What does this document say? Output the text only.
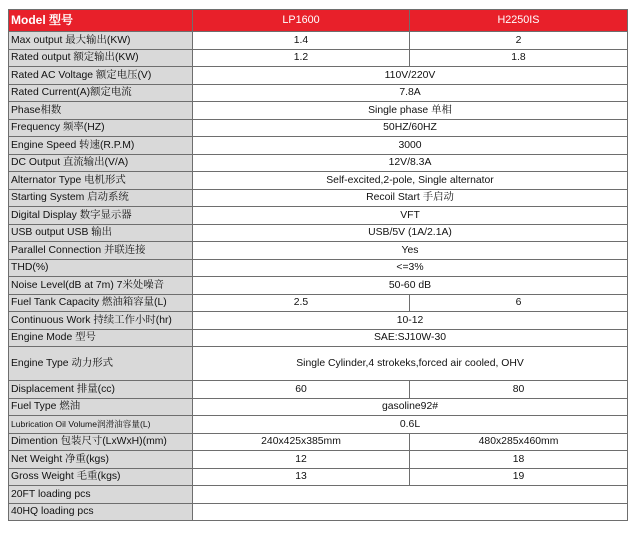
Model 型号	LP1600	H2250IS
Max output 最大输出(KW)	1.4	2
Rated output 额定输出(KW)	1.2	1.8
Rated AC Voltage 额定电压(V)	110V/220V	
Rated Current(A)额定电流	7.8A	
Phase相数	Single phase 单相	
Frequency 频率(HZ)	50HZ/60HZ	
Engine Speed 转速(R.P.M)	3000	
DC Output 直流输出(V/A)	12V/8.3A	
Alternator Type 电机形式	Self-excited,2-pole, Single alternator	
Starting System 启动系统	Recoil Start 手启动	
Digital Display 数字显示器	VFT	
USB output USB 输出	USB/5V (1A/2.1A)	
Parallel Connection 并联连接	Yes	
THD(%)	<=3%	
Noise Level(dB at 7m) 7米处噪音	50-60 dB	
Fuel Tank Capacity 燃油箱容量(L)	2.5	6
Continuous Work 持续工作小时(hr)	10-12	
Engine Mode 型号	SAE:SJ10W-30	
Engine Type 动力形式	Single Cylinder,4 strokeks,forced air cooled, OHV	
Displacement 排量(cc)	60	80
Fuel Type 燃油	gasoline92#	
Lubrication Oil Volume润滑油容量(L)	0.6L	
Dimention 包装尺寸(LxWxH)(mm)	240x425x385mm	480x285x460mm
Net Weight 净重(kgs)	12	18
Gross Weight 毛重(kgs)	13	19
20FT loading pcs		
40HQ loading pcs		
